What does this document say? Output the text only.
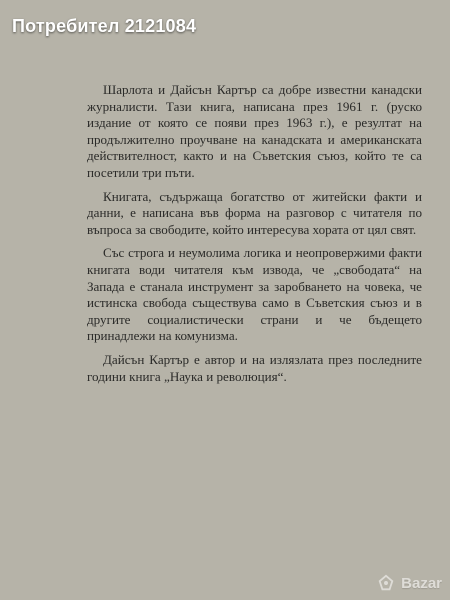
Потребител 2121084

Шарлота и Дайсън Картър са добре известни канадски журналисти. Тази книга, написана през 1961 г. (руско издание от която се появи през 1963 г.), е резултат на продължително проучване на канадската и американската действителност, както и на Съветския съюз, който те са посетили три пъти.

Книгата, съдържаща богатство от житейски факти и данни, е написана във форма на разговор с читателя по въпроса за свободите, който интересува хората от цял свят.

Със строга и неумолима логика и неопровержими факти книгата води читателя към извода, че „свободата“ на Запада е станала инструмент за заробването на човека, че истинска свобода съществува само в Съветския съюз и в другите социалистически страни и че бъдещето принадлежи на комунизма.

Дайсън Картър е автор и на излязлата през последните години книга „Наука и революция“.

Bazar
